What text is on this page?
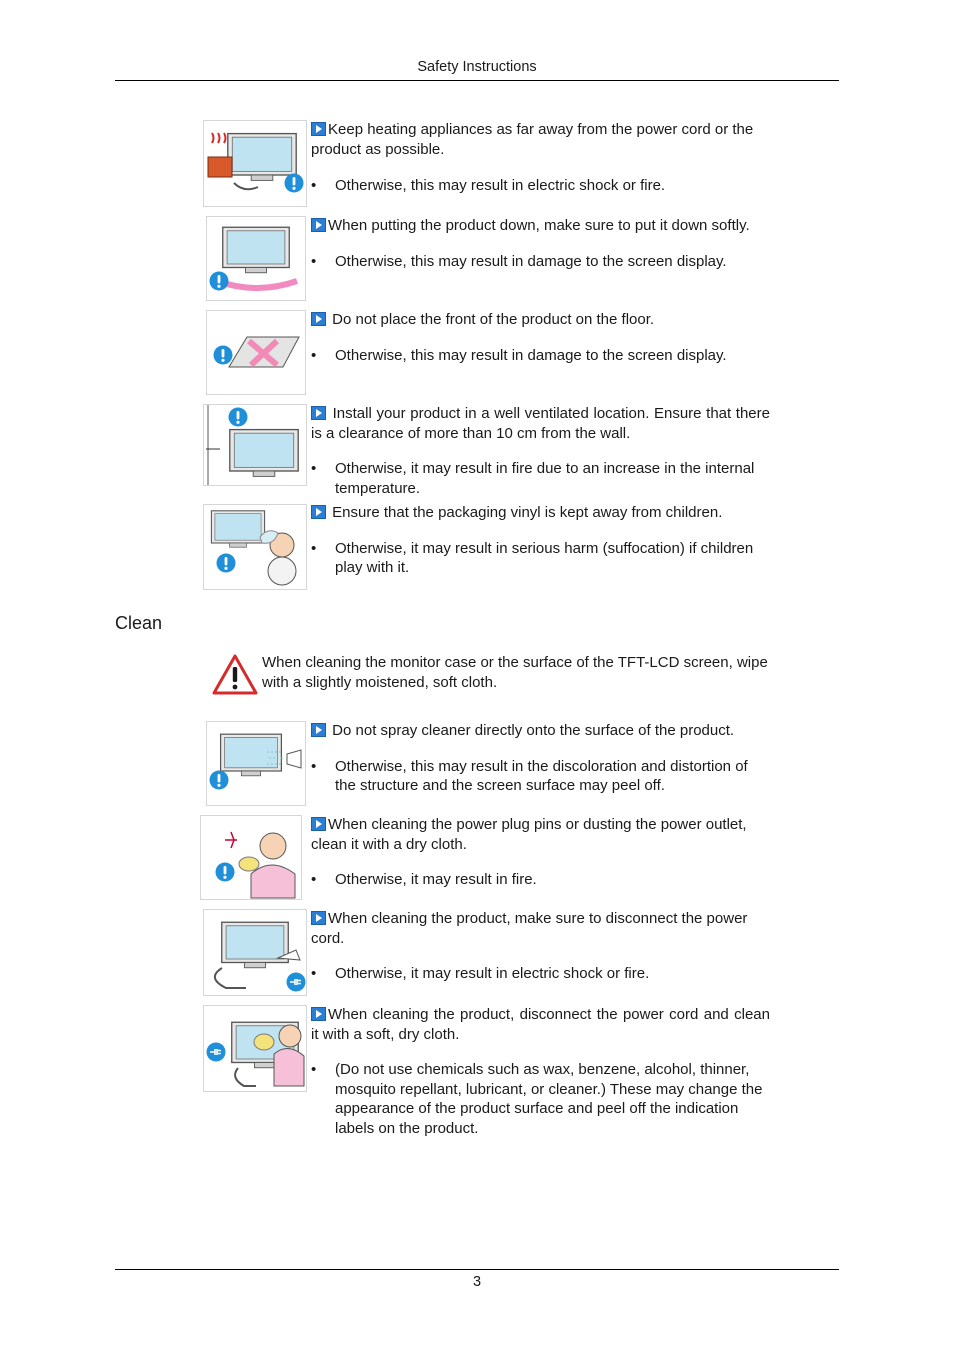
Safety Instructions

Keep heating appliances as far away from the power cord or the product as possible.

• Otherwise, this may result in electric shock or fire.

When putting the product down, make sure to put it down softly.

• Otherwise, this may result in damage to the screen display.

Do not place the front of the product on the floor.

• Otherwise, this may result in damage to the screen display.

Install your product in a well ventilated location. Ensure that there is a clearance of more than 10 cm from the wall.

• Otherwise, it may result in fire due to an increase in the internal temperature.

Ensure that the packaging vinyl is kept away from children.

• Otherwise, it may result in serious harm (suffocation) if children play with it.

Clean
When cleaning the monitor case or the surface of the TFT-LCD screen, wipe with a slightly moistened, soft cloth.

Do not spray cleaner directly onto the surface of the product.

• Otherwise, this may result in the discoloration and distortion of the structure and the screen surface may peel off.

When cleaning the power plug pins or dusting the power outlet, clean it with a dry cloth.

• Otherwise, it may result in fire.

When cleaning the product, make sure to disconnect the power cord.

• Otherwise, it may result in electric shock or fire.

When cleaning the product, disconnect the power cord and clean it with a soft, dry cloth.

• (Do not use chemicals such as wax, benzene, alcohol, thinner, mosquito repellant, lubricant, or cleaner.) These may change the appearance of the product surface and peel off the indication labels on the product.

3
